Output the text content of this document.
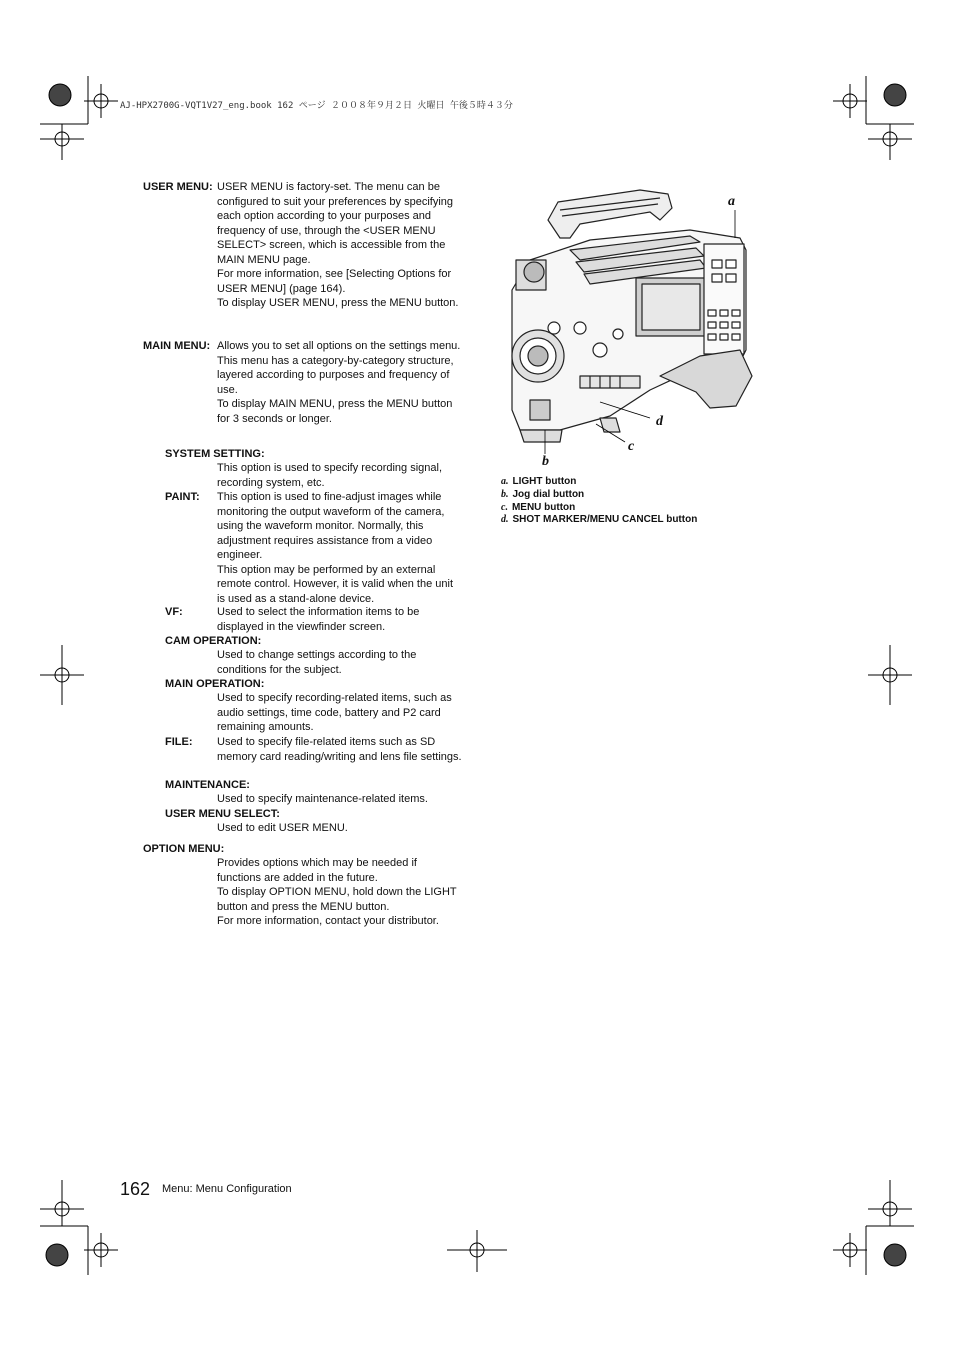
AJ-HPX2700G-VQT1V27_eng.book 162 ページ ２００８年９月２日 火曜日 午後５時４３分
USER MENU: USER MENU is factory-set. The menu can be configured to suit your preferences by specifying each option according to your purposes and frequency of use, through the <USER MENU SELECT> screen, which is accessible from the MAIN MENU page.

For more information, see [Selecting Options for USER MENU] (page 164).

To display USER MENU, press the MENU button.

MAIN MENU: Allows you to set all options on the settings menu.

This menu has a category-by-category structure, layered according to purposes and frequency of use.

To display MAIN MENU, press the MENU button for 3 seconds or longer.

SYSTEM SETTING:
This option is used to specify recording signal, recording system, etc.
PAINT: This option is used to fine-adjust images while monitoring the output waveform of the camera, using the waveform monitor. Normally, this adjustment requires assistance from a video engineer.

This option may be performed by an external remote control. However, it is valid when the unit is used as a stand-alone device.

VF:	Used to select the information items to be displayed in the viewfinder screen.
CAM OPERATION:
Used to change settings according to the conditions for the subject.
MAIN OPERATION:
Used to specify recording-related items, such as audio settings, time code, battery and P2 card remaining amounts.
FILE: Used to specify file-related items such as SD memory card reading/writing and lens file settings.
MAINTENANCE:
Used to specify maintenance-related items.
USER MENU SELECT:
Used to edit USER MENU.
OPTION MENU:

Provides options which may be needed if functions are added in the future.

To display OPTION MENU, hold down the LIGHT button and press the MENU button.

For more information, contact your distributor.

a
b
c
d
a. LIGHT button
b. Jog dial button
c. MENU button
d. SHOT MARKER/MENU CANCEL button
162 Menu: Menu Configuration
